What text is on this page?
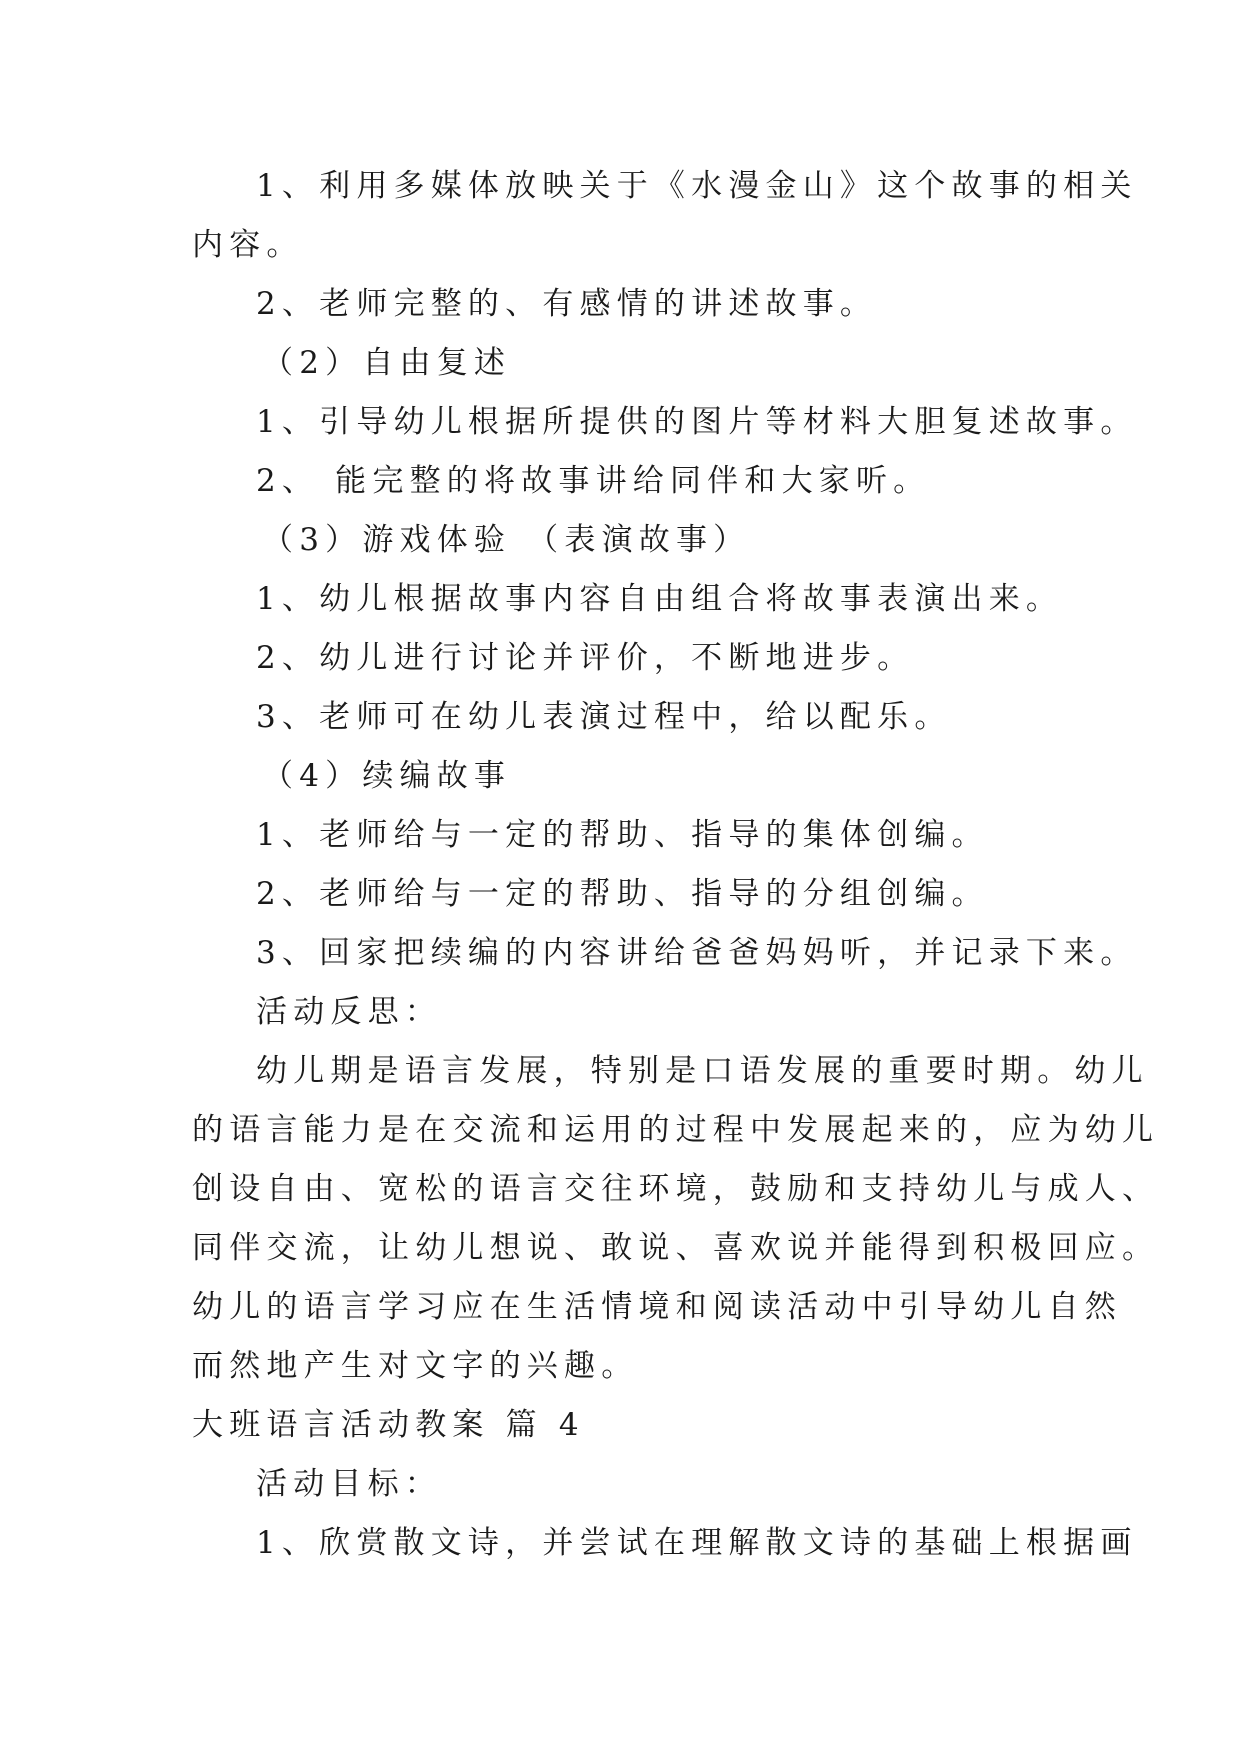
1、利用多媒体放映关于《水漫金山》这个故事的相关
内容。
2、老师完整的、有感情的讲述故事。
（2）自由复述
1、引导幼儿根据所提供的图片等材料大胆复述故事。
2、 能完整的将故事讲给同伴和大家听。
（3）游戏体验 （表演故事）
1、幼儿根据故事内容自由组合将故事表演出来。
2、幼儿进行讨论并评价，不断地进步。
3、老师可在幼儿表演过程中，给以配乐。
（4）续编故事
1、老师给与一定的帮助、指导的集体创编。
2、老师给与一定的帮助、指导的分组创编。
3、回家把续编的内容讲给爸爸妈妈听，并记录下来。
活动反思：
幼儿期是语言发展，特别是口语发展的重要时期。幼儿
的语言能力是在交流和运用的过程中发展起来的，应为幼儿
创设自由、宽松的语言交往环境，鼓励和支持幼儿与成人、
同伴交流，让幼儿想说、敢说、喜欢说并能得到积极回应。
幼儿的语言学习应在生活情境和阅读活动中引导幼儿自然
而然地产生对文字的兴趣。
大班语言活动教案 篇 4
活动目标：
1、欣赏散文诗，并尝试在理解散文诗的基础上根据画
